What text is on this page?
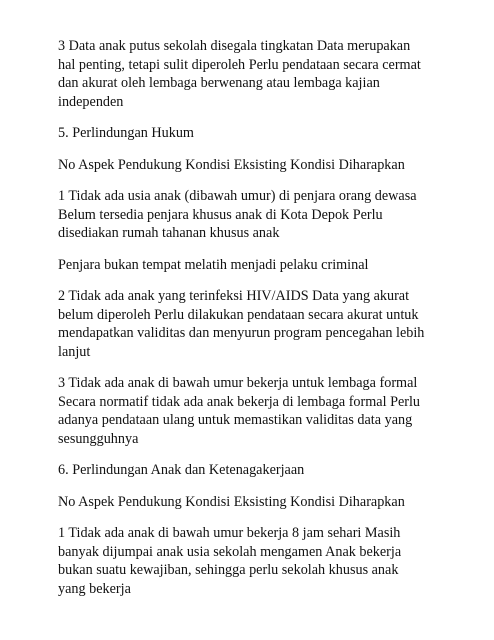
3 Data anak putus sekolah disegala tingkatan Data merupakan
hal penting, tetapi sulit diperoleh Perlu pendataan secara cermat
dan akurat oleh lembaga berwenang atau lembaga kajian
independen

5. Perlindungan Hukum

No Aspek Pendukung Kondisi Eksisting Kondisi Diharapkan

1 Tidak ada usia anak (dibawah umur) di penjara orang dewasa
Belum tersedia penjara khusus anak di Kota Depok Perlu
disediakan rumah tahanan khusus anak

Penjara bukan tempat melatih menjadi pelaku criminal

2 Tidak ada anak yang terinfeksi HIV/AIDS Data yang akurat
belum diperoleh Perlu dilakukan pendataan secara akurat untuk
mendapatkan validitas dan menyurun program pencegahan lebih
lanjut

3 Tidak ada anak di bawah umur bekerja untuk lembaga formal
Secara normatif tidak ada anak bekerja di lembaga formal Perlu
adanya pendataan ulang untuk memastikan validitas data yang
sesungguhnya

6. Perlindungan Anak dan Ketenagakerjaan

No Aspek Pendukung Kondisi Eksisting Kondisi Diharapkan

1 Tidak ada anak di bawah umur bekerja 8 jam sehari Masih
banyak dijumpai anak usia sekolah mengamen Anak bekerja
bukan suatu kewajiban, sehingga perlu sekolah khusus anak
yang bekerja
